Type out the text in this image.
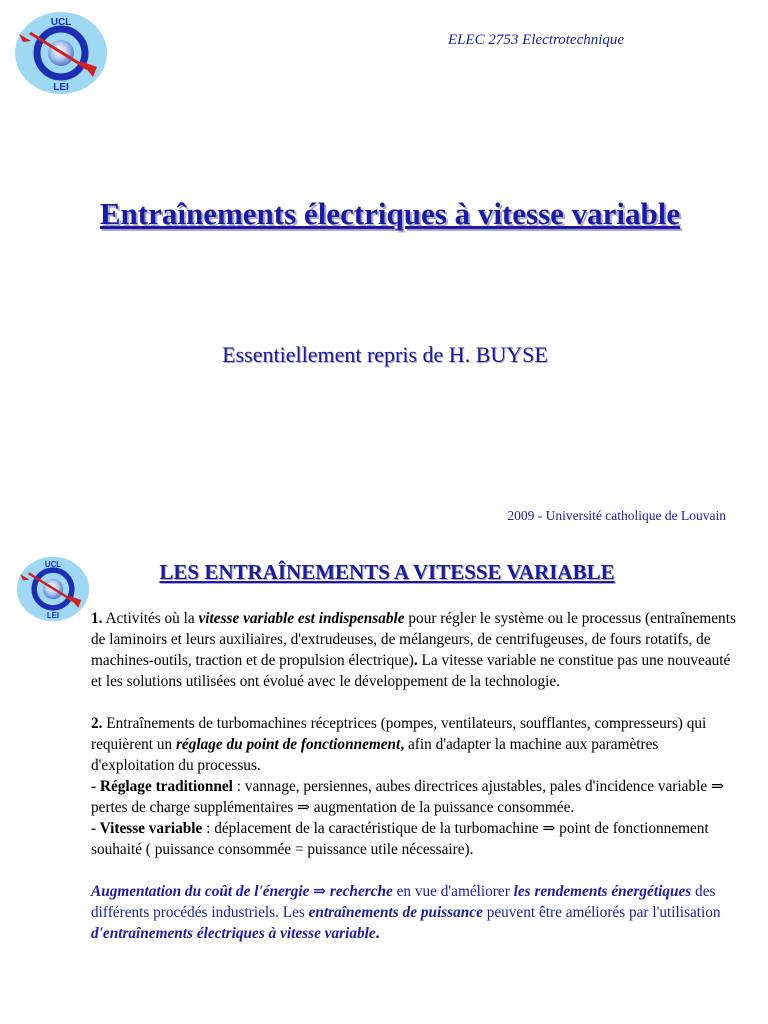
UCL
LEI
ELEC 2753 Electrotechnique
Entraînements électriques à vitesse variable
Essentiellement repris de H. BUYSE
2009 - Université catholique de Louvain
UCL
LEI
LES ENTRAÎNEMENTS A VITESSE VARIABLE

1. Activités où la vitesse variable est indispensable pour régler le système ou le processus (entraînements de laminoirs et leurs auxiliaires, d'extrudeuses, de mélangeurs, de centrifugeuses, de fours rotatifs, de machines-outils, traction et de propulsion électrique). La vitesse variable ne constitue pas une nouveauté et les solutions utilisées ont évolué avec le développement de la technologie.

2. Entraînements de turbomachines réceptrices (pompes, ventilateurs, soufflantes, compresseurs) qui requièrent un réglage du point de fonctionnement, afin d'adapter la machine aux paramètres d'exploitation du processus.

- Réglage traditionnel : vannage, persiennes, aubes directrices ajustables, pales d'incidence variable ⇒ pertes de charge supplémentaires ⇒ augmentation de la puissance consommée.

- Vitesse variable : déplacement de la caractéristique de la turbomachine ⇒ point de fonctionnement souhaité ( puissance consommée = puissance utile nécessaire).

Augmentation du coût de l'énergie ⇒ recherche en vue d'améliorer les rendements énergétiques des différents procédés industriels. Les entraînements de puissance peuvent être améliorés par l'utilisation d'entraînements électriques à vitesse variable.
